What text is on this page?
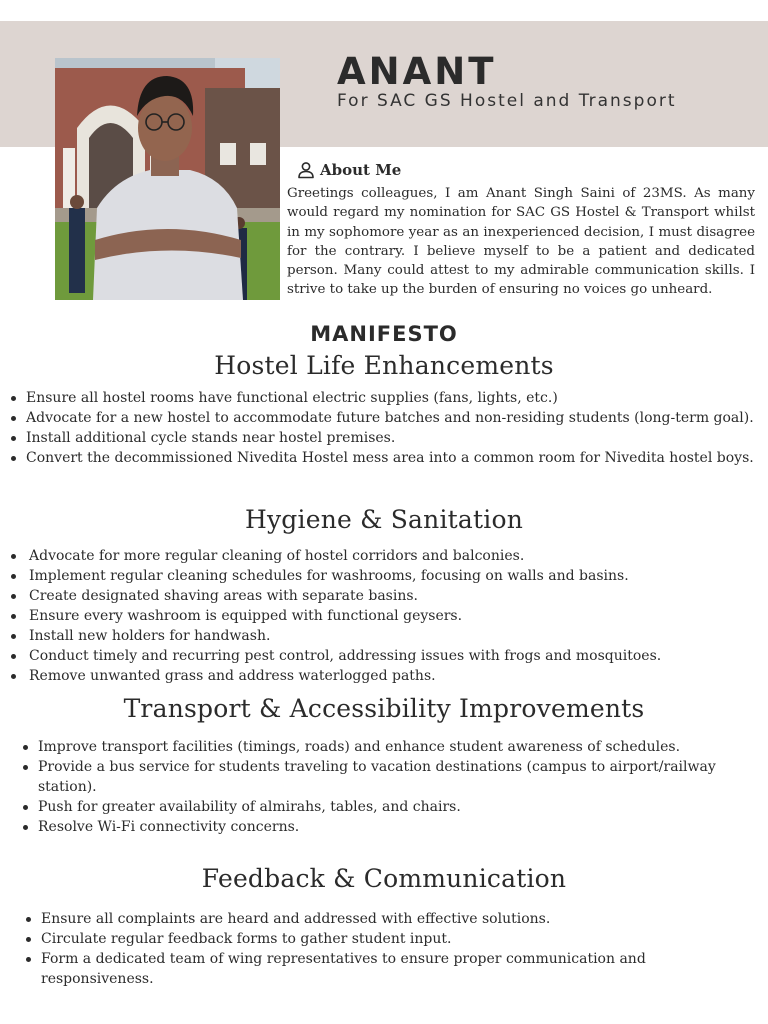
ANANT

For SAC GS Hostel and Transport

About Me

Greetings colleagues, I am Anant Singh Saini of 23MS. As many would regard my nomination for SAC GS Hostel & Transport whilst in my sophomore year as an inexperienced decision, I must disagree for the contrary. I believe myself to be a patient and dedicated person. Many could attest to my admirable communication skills. I strive to take up the burden of ensuring no voices go unheard.

MANIFESTO
Hostel Life Enhancements
Ensure all hostel rooms have functional electric supplies (fans, lights, etc.)
Advocate for a new hostel to accommodate future batches and non-residing students (long-term goal).
Install additional cycle stands near hostel premises.
Convert the decommissioned Nivedita Hostel mess area into a common room for Nivedita hostel boys.
Hygiene & Sanitation
Advocate for more regular cleaning of hostel corridors and balconies.
Implement regular cleaning schedules for washrooms, focusing on walls and basins.
Create designated shaving areas with separate basins.
Ensure every washroom is equipped with functional geysers.
Install new holders for handwash.
Conduct timely and recurring pest control, addressing issues with frogs and mosquitoes.
Remove unwanted grass and address waterlogged paths.
Transport & Accessibility Improvements
Improve transport facilities (timings, roads) and enhance student awareness of schedules.
Provide a bus service for students traveling to vacation destinations (campus to airport/railway station).
Push for greater availability of almirahs, tables, and chairs.
Resolve Wi-Fi connectivity concerns.
Feedback & Communication
Ensure all complaints are heard and addressed with effective solutions.
Circulate regular feedback forms to gather student input.
Form a dedicated team of wing representatives to ensure proper communication and responsiveness.
